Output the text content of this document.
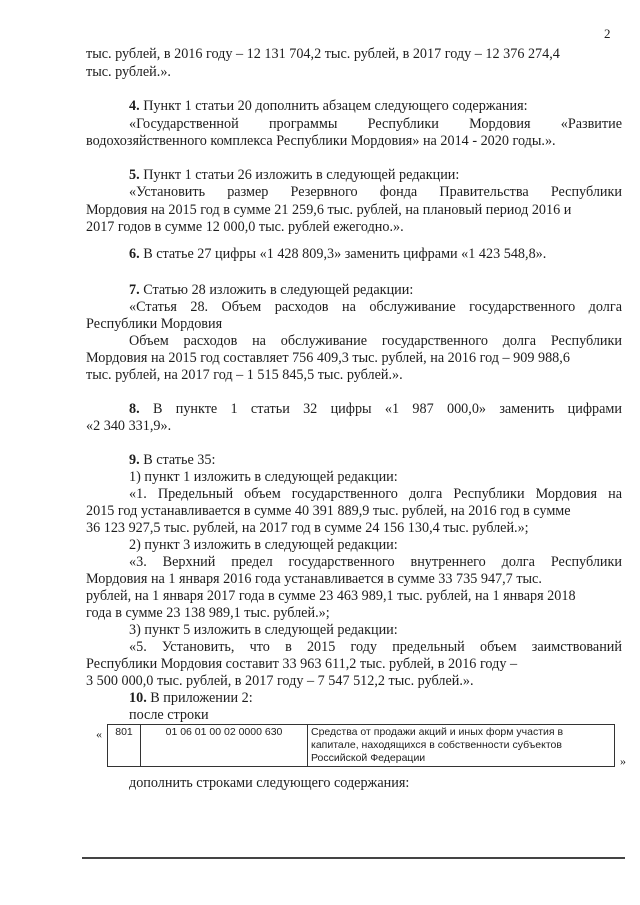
2
тыс. рублей, в 2016 году – 12 131 704,2 тыс. рублей, в 2017 году – 12 376 274,4
тыс. рублей.».
4. Пункт 1 статьи 20 дополнить абзацем следующего содержания:
«Государственной программы Республики Мордовия «Развитие
водохозяйственного комплекса Республики Мордовия» на 2014 - 2020 годы.».
5. Пункт 1 статьи 26 изложить в следующей редакции:
«Установить размер Резервного фонда Правительства Республики
Мордовия на 2015 год в сумме 21 259,6 тыс. рублей, на плановый период 2016 и
2017 годов в сумме 12 000,0 тыс. рублей ежегодно.».
6. В статье 27 цифры «1 428 809,3» заменить цифрами «1 423 548,8».
7. Статью 28 изложить в следующей редакции:
«Статья 28. Объем расходов на обслуживание государственного долга
Республики Мордовия
Объем расходов на обслуживание государственного долга Республики
Мордовия на 2015 год составляет 756 409,3 тыс. рублей, на 2016 год – 909 988,6
тыс. рублей, на 2017 год – 1 515 845,5 тыс. рублей.».
8. В пункте 1 статьи 32 цифры «1 987 000,0» заменить цифрами
«2 340 331,9».
9. В статье 35:
1) пункт 1 изложить в следующей редакции:
«1. Предельный объем государственного долга Республики Мордовия на
2015 год устанавливается в сумме 40 391 889,9 тыс. рублей, на 2016 год в сумме
36 123 927,5 тыс. рублей, на 2017 год в сумме 24 156 130,4 тыс. рублей.»;
2) пункт 3 изложить в следующей редакции:
«3. Верхний предел государственного внутреннего долга Республики
Мордовия на 1 января 2016 года устанавливается в сумме 33 735 947,7 тыс.
рублей, на 1 января 2017 года в сумме 23 463 989,1 тыс. рублей, на 1 января 2018
года в сумме 23 138 989,1 тыс. рублей.»;
3) пункт 5 изложить в следующей редакции:
«5. Установить, что в 2015 году предельный объем заимствований
Республики Мордовия составит 33 963 611,2 тыс. рублей, в 2016 году –
3 500 000,0 тыс. рублей, в 2017 году – 7 547 512,2 тыс. рублей.».
10. В приложении 2:
после строки
« 801	01 06 01 00 02 0000 630	Средства от продажи акций и иных форм участия в капитале, находящихся в собственности субъектов Российской Федерации	»
дополнить строками следующего содержания:
